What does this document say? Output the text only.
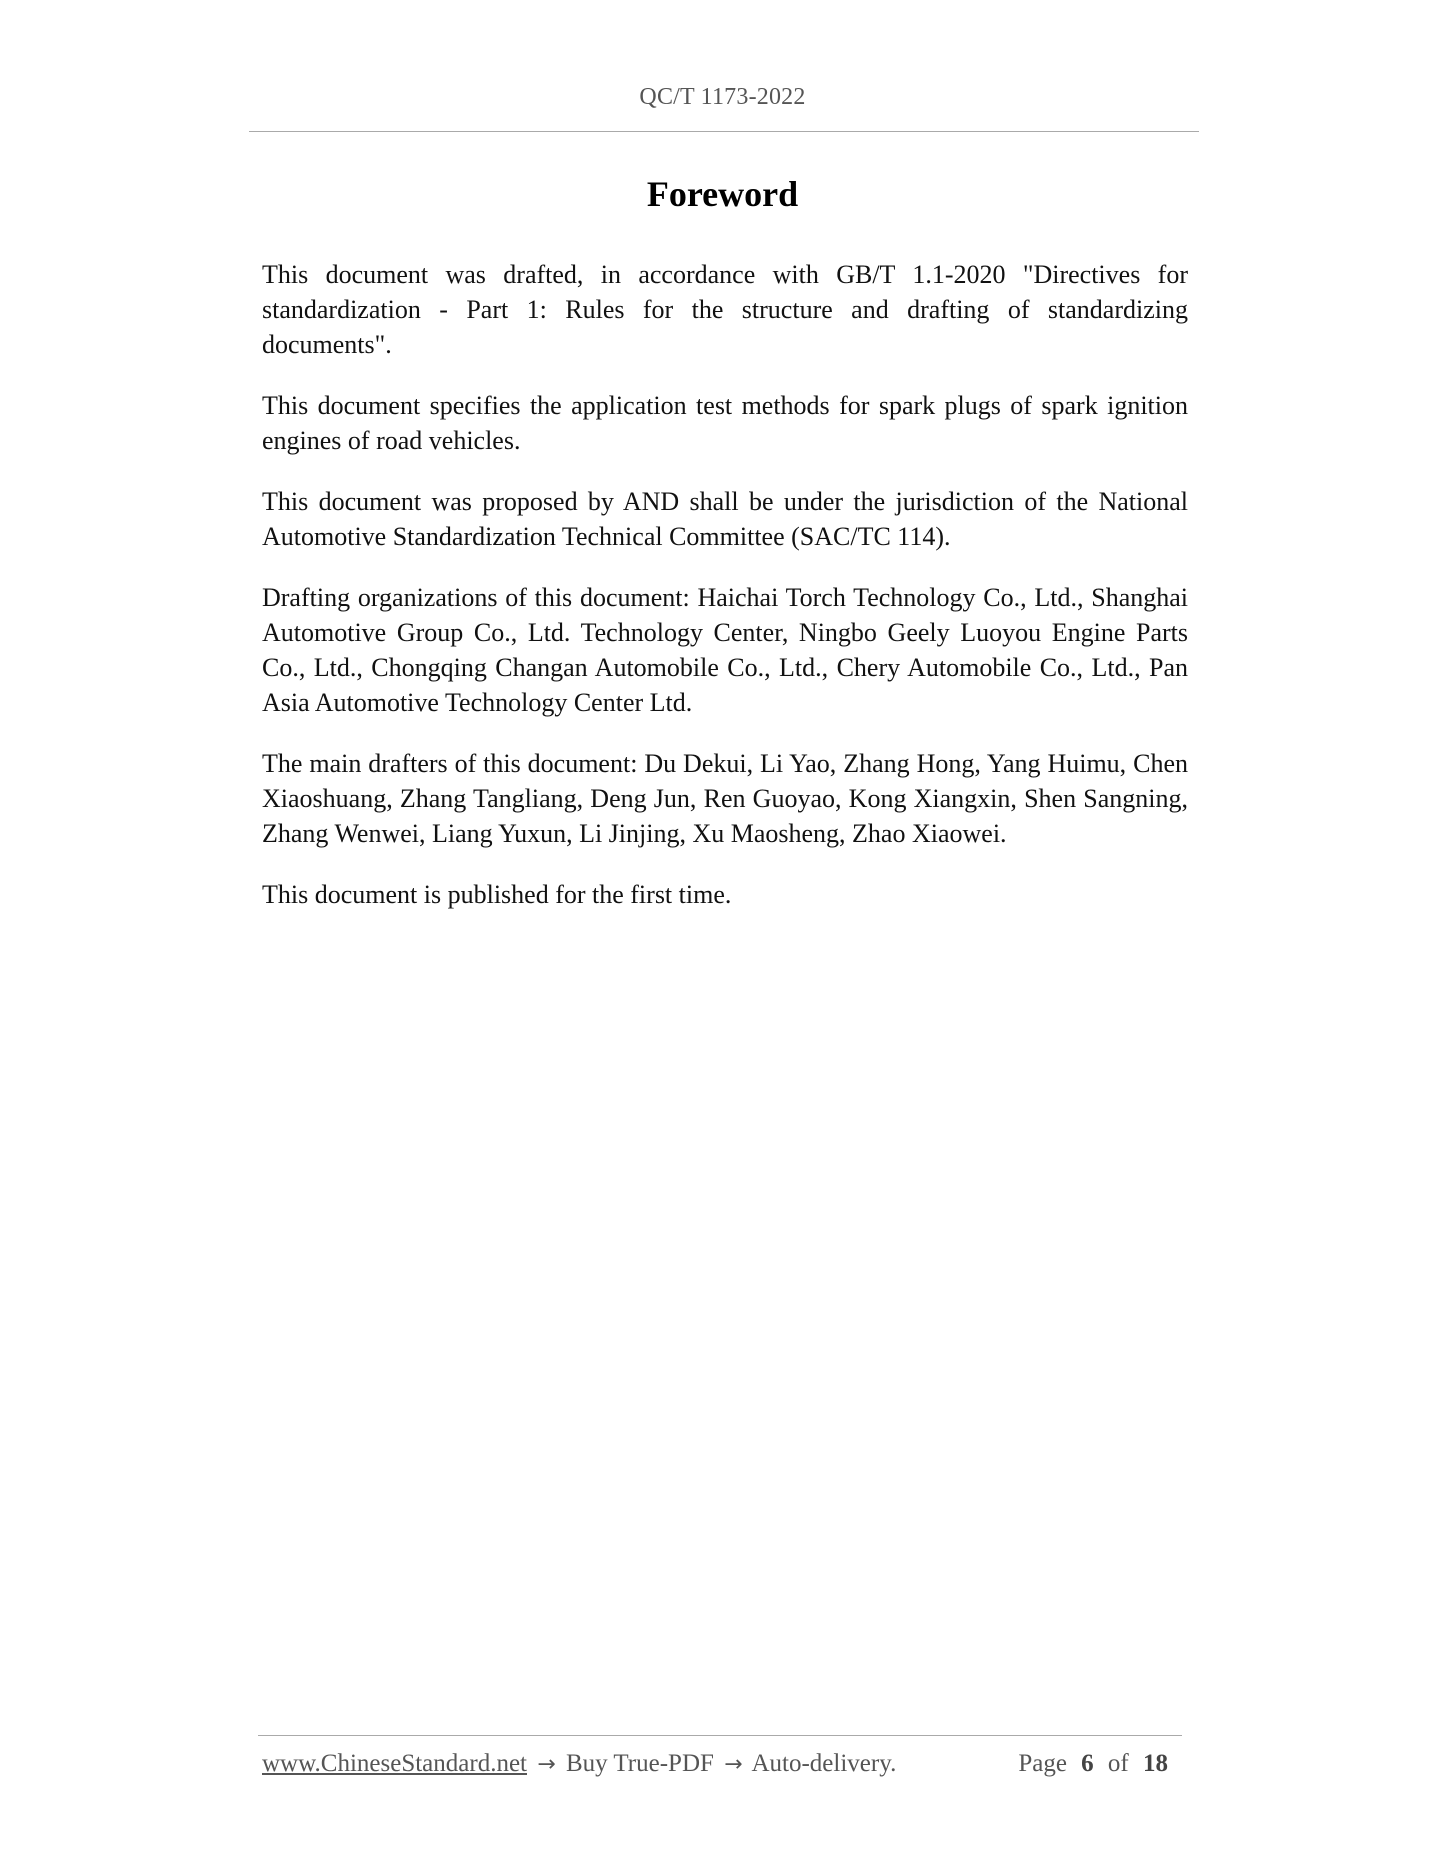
QC/T 1173-2022
Foreword

This document was drafted, in accordance with GB/T 1.1-2020 "Directives for standardization - Part 1: Rules for the structure and drafting of standardizing documents".

This document specifies the application test methods for spark plugs of spark ignition engines of road vehicles.

This document was proposed by AND shall be under the jurisdiction of the National Automotive Standardization Technical Committee (SAC/TC 114).

Drafting organizations of this document: Haichai Torch Technology Co., Ltd., Shanghai Automotive Group Co., Ltd. Technology Center, Ningbo Geely Luoyou Engine Parts Co., Ltd., Chongqing Changan Automobile Co., Ltd., Chery Automobile Co., Ltd., Pan Asia Automotive Technology Center Ltd.

The main drafters of this document: Du Dekui, Li Yao, Zhang Hong, Yang Huimu, Chen Xiaoshuang, Zhang Tangliang, Deng Jun, Ren Guoyao, Kong Xiangxin, Shen Sangning, Zhang Wenwei, Liang Yuxun, Li Jinjing, Xu Maosheng, Zhao Xiaowei.

This document is published for the first time.

www.ChineseStandard.net → Buy True-PDF → Auto-delivery.	Page 6 of 18
